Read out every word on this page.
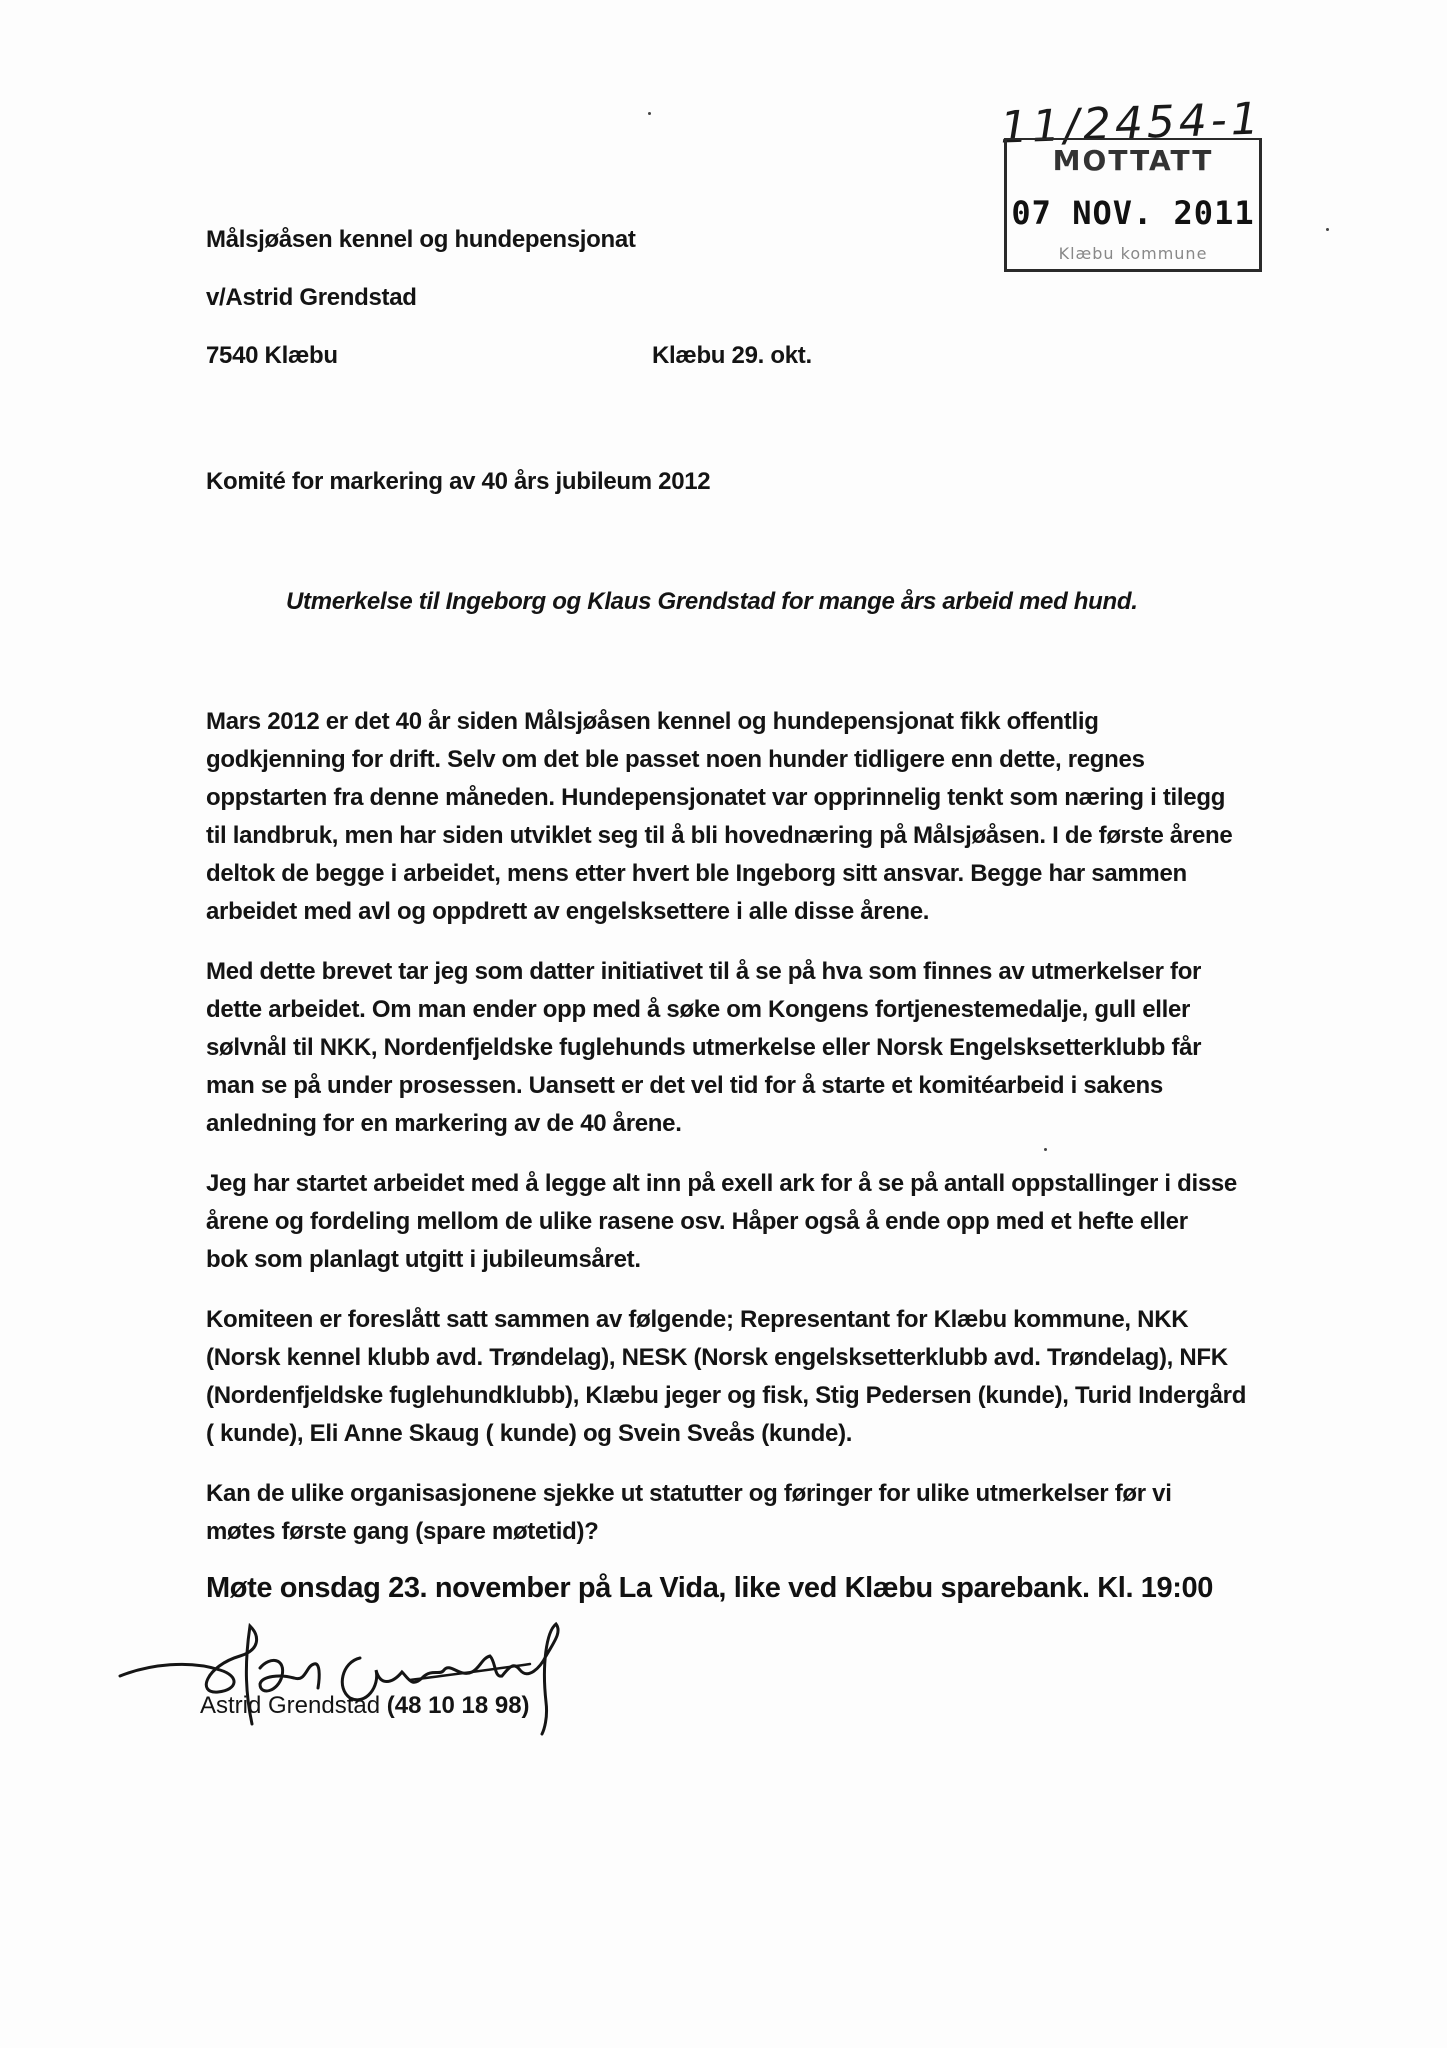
11/2454-1
MOTTATT
07 NOV. 2011
Klæbu kommune
Målsjøåsen kennel og hundepensjonat
v/Astrid Grendstad
7540 Klæbu	Klæbu 29. okt.
Komité for markering av 40 års jubileum 2012
Utmerkelse til Ingeborg og Klaus Grendstad for mange års arbeid med hund.
Mars 2012 er det 40 år siden Målsjøåsen kennel og hundepensjonat fikk offentlig
godkjenning for drift. Selv om det ble passet noen hunder tidligere enn dette, regnes
oppstarten fra denne måneden. Hundepensjonatet var opprinnelig tenkt som næring i tilegg
til landbruk, men har siden utviklet seg til å bli hovednæring på Målsjøåsen. I de første årene
deltok de begge i arbeidet, mens etter hvert ble Ingeborg sitt ansvar. Begge har sammen
arbeidet med avl og oppdrett av engelsksettere i alle disse årene.
Med dette brevet tar jeg som datter initiativet til å se på hva som finnes av utmerkelser for
dette arbeidet. Om man ender opp med å søke om Kongens fortjenestemedalje, gull eller
sølvnål til NKK, Nordenfjeldske fuglehunds utmerkelse eller Norsk Engelsksetterklubb får
man se på under prosessen. Uansett er det vel tid for å starte et komitéarbeid i sakens
anledning for en markering av de 40 årene.
Jeg har startet arbeidet med å legge alt inn på exell ark for å se på antall oppstallinger i disse
årene og fordeling mellom de ulike rasene osv. Håper også å ende opp med et hefte eller
bok som planlagt utgitt i jubileumsåret.
Komiteen er foreslått satt sammen av følgende; Representant for Klæbu kommune, NKK
(Norsk kennel klubb avd. Trøndelag), NESK (Norsk engelsksetterklubb avd. Trøndelag), NFK
(Nordenfjeldske fuglehundklubb), Klæbu jeger og fisk, Stig Pedersen (kunde), Turid Indergård
( kunde), Eli Anne Skaug ( kunde) og Svein Sveås (kunde).
Kan de ulike organisasjonene sjekke ut statutter og føringer for ulike utmerkelser før vi
møtes første gang (spare møtetid)?
Møte onsdag 23. november på La Vida, like ved Klæbu sparebank. Kl. 19:00
Astrid Grendstad (48 10 18 98)
